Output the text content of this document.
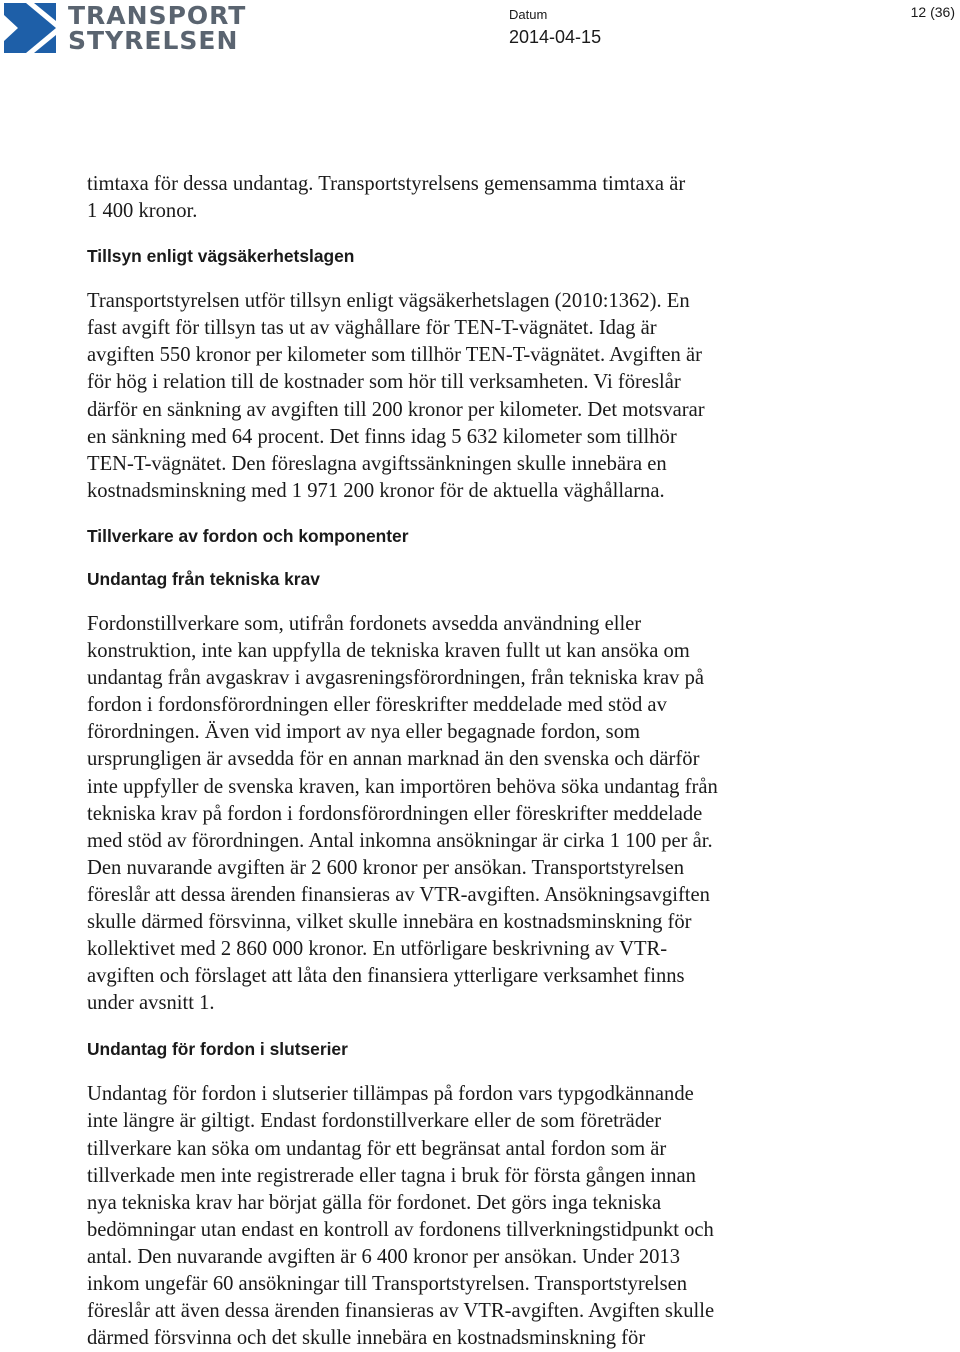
TRANSPORT
STYRELSEN
Datum
2014-04-15
12 (36)

timtaxa för dessa undantag. Transportstyrelsens gemensamma timtaxa är
1 400 kronor.

Tillsyn enligt vägsäkerhetslagen

Transportstyrelsen utför tillsyn enligt vägsäkerhetslagen (2010:1362). En
fast avgift för tillsyn tas ut av väghållare för TEN-T-vägnätet. Idag är
avgiften 550 kronor per kilometer som tillhör TEN-T-vägnätet. Avgiften är
för hög i relation till de kostnader som hör till verksamheten. Vi föreslår
därför en sänkning av avgiften till 200 kronor per kilometer. Det motsvarar
en sänkning med 64 procent. Det finns idag 5 632 kilometer som tillhör
TEN-T-vägnätet. Den föreslagna avgiftssänkningen skulle innebära en
kostnadsminskning med 1 971 200 kronor för de aktuella väghållarna.

Tillverkare av fordon och komponenter
Undantag från tekniska krav

Fordonstillverkare som, utifrån fordonets avsedda användning eller
konstruktion, inte kan uppfylla de tekniska kraven fullt ut kan ansöka om
undantag från avgaskrav i avgasreningsförordningen, från tekniska krav på
fordon i fordonsförordningen eller föreskrifter meddelade med stöd av
förordningen. Även vid import av nya eller begagnade fordon, som
ursprungligen är avsedda för en annan marknad än den svenska och därför
inte uppfyller de svenska kraven, kan importören behöva söka undantag från
tekniska krav på fordon i fordonsförordningen eller föreskrifter meddelade
med stöd av förordningen. Antal inkomna ansökningar är cirka 1 100 per år.
Den nuvarande avgiften är 2 600 kronor per ansökan. Transportstyrelsen
föreslår att dessa ärenden finansieras av VTR-avgiften. Ansökningsavgiften
skulle därmed försvinna, vilket skulle innebära en kostnadsminskning för
kollektivet med 2 860 000 kronor. En utförligare beskrivning av VTR-
avgiften och förslaget att låta den finansiera ytterligare verksamhet finns
under avsnitt 1.

Undantag för fordon i slutserier

Undantag för fordon i slutserier tillämpas på fordon vars typgodkännande
inte längre är giltigt. Endast fordonstillverkare eller de som företräder
tillverkare kan söka om undantag för ett begränsat antal fordon som är
tillverkade men inte registrerade eller tagna i bruk för första gången innan
nya tekniska krav har börjat gälla för fordonet. Det görs inga tekniska
bedömningar utan endast en kontroll av fordonens tillverkningstidpunkt och
antal. Den nuvarande avgiften är 6 400 kronor per ansökan. Under 2013
inkom ungefär 60 ansökningar till Transportstyrelsen. Transportstyrelsen
föreslår att även dessa ärenden finansieras av VTR-avgiften. Avgiften skulle
därmed försvinna och det skulle innebära en kostnadsminskning för
